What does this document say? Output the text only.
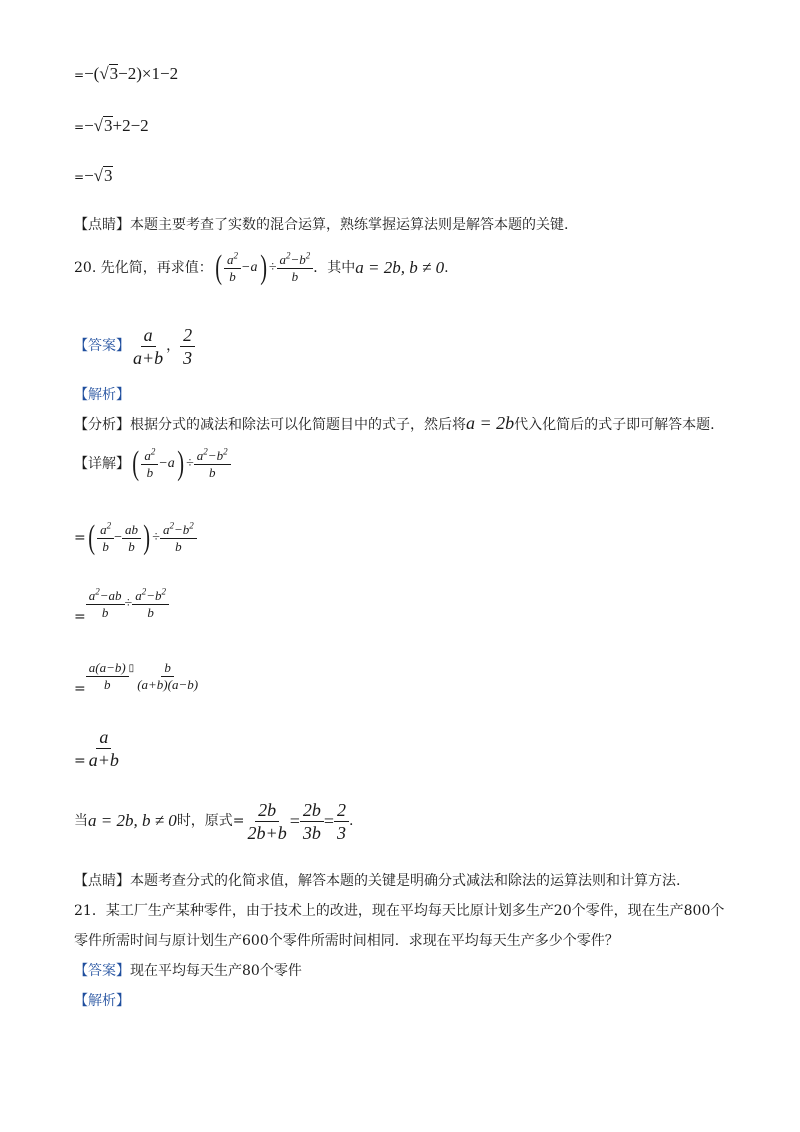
=−(√3−2)×1−2
=−√3+2−2
=−√3
【点睛】本题主要考查了实数的混合运算，熟练掌握运算法则是解答本题的关键.
20.
先化简，再求值： ( $\frac{a^2}{b} -a$ ) ÷ $\frac{a^2-b^2}{b}$ ．其中 a = 2b, b ≠ 0 .
【答案】 $\frac{a}{a+b}$ ， $\frac{2}{3}$
【解析】
【分析】根据分式的减法和除法可以化简题目中的式子，然后将a = 2b代入化简后的式子即可解答本题.
【详解】 ( $\frac{a^2}{b} -a$ ) ÷ $\frac{a^2-b^2}{b}$
= ( $\frac{a^2}{b} - \frac{ab}{b}$ ) ÷ $\frac{a^2-b^2}{b}$
= $\frac{a^2-ab}{b} \div \frac{a^2-b^2}{b}$
= $\frac{a(a-b)}{b}$ ▯ $\frac{b}{(a+b)(a-b)}$
= $\frac{a}{a+b}$
当 a = 2b, b ≠ 0 时，原式= $\frac{2b}{2b+b} = \frac{2b}{3b} = \frac{2}{3}$ .
【点睛】本题考查分式的化简求值，解答本题的关键是明确分式减法和除法的运算法则和计算方法.
21．某工厂生产某种零件，由于技术上的改进，现在平均每天比原计划多生产20个零件，现在生产800个
零件所需时间与原计划生产600个零件所需时间相同．求现在平均每天生产多少个零件？
【答案】现在平均每天生产80个零件
【解析】
